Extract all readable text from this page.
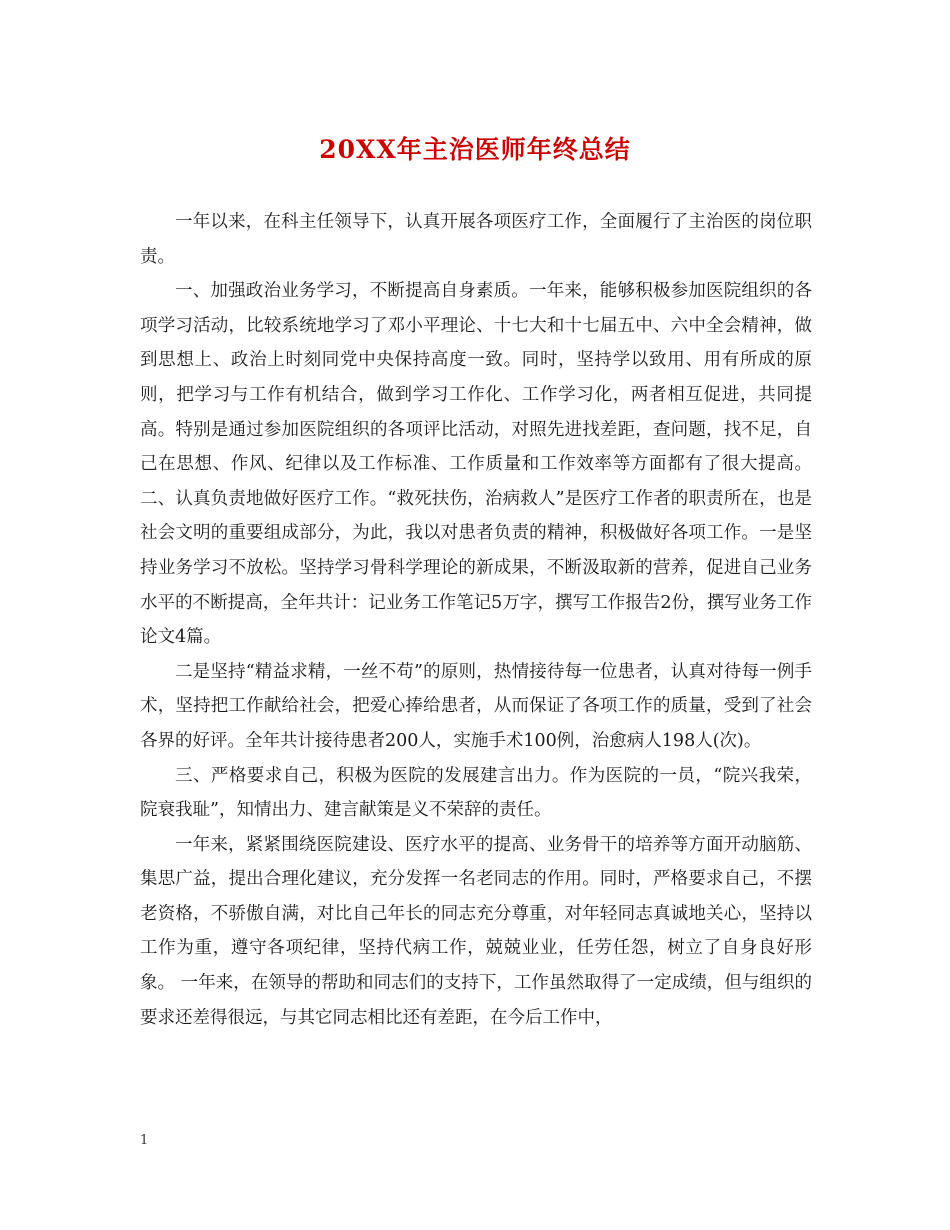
20XX年主治医师年终总结

一年以来，在科主任领导下，认真开展各项医疗工作，全面履行了主治医的岗位职责。

一、加强政治业务学习，不断提高自身素质。一年来，能够积极参加医院组织的各项学习活动，比较系统地学习了邓小平理论、十七大和十七届五中、六中全会精神，做到思想上、政治上时刻同党中央保持高度一致。同时，坚持学以致用、用有所成的原则，把学习与工作有机结合，做到学习工作化、工作学习化，两者相互促进，共同提高。特别是通过参加医院组织的各项评比活动，对照先进找差距，查问题，找不足，自己在思想、作风、纪律以及工作标准、工作质量和工作效率等方面都有了很大提高。 二、认真负责地做好医疗工作。“救死扶伤，治病救人”是医疗工作者的职责所在，也是社会文明的重要组成部分，为此，我以对患者负责的精神，积极做好各项工作。一是坚持业务学习不放松。坚持学习骨科学理论的新成果，不断汲取新的营养，促进自己业务水平的不断提高，全年共计：记业务工作笔记5万字，撰写工作报告2份，撰写业务工作论文4篇。

二是坚持“精益求精，一丝不苟”的原则，热情接待每一位患者，认真对待每一例手术，坚持把工作献给社会，把爱心捧给患者，从而保证了各项工作的质量，受到了社会各界的好评。全年共计接待患者200人，实施手术100例，治愈病人198人(次)。

三、严格要求自己，积极为医院的发展建言出力。作为医院的一员，“院兴我荣，院衰我耻”，知情出力、建言献策是义不荣辞的责任。

一年来，紧紧围绕医院建设、医疗水平的提高、业务骨干的培养等方面开动脑筋、集思广益，提出合理化建议，充分发挥一名老同志的作用。同时，严格要求自己，不摆老资格，不骄傲自满，对比自己年长的同志充分尊重，对年轻同志真诚地关心，坚持以工作为重，遵守各项纪律，坚持代病工作，兢兢业业，任劳任怨，树立了自身良好形象。 一年来，在领导的帮助和同志们的支持下，工作虽然取得了一定成绩，但与组织的要求还差得很远，与其它同志相比还有差距，在今后工作中，

1
